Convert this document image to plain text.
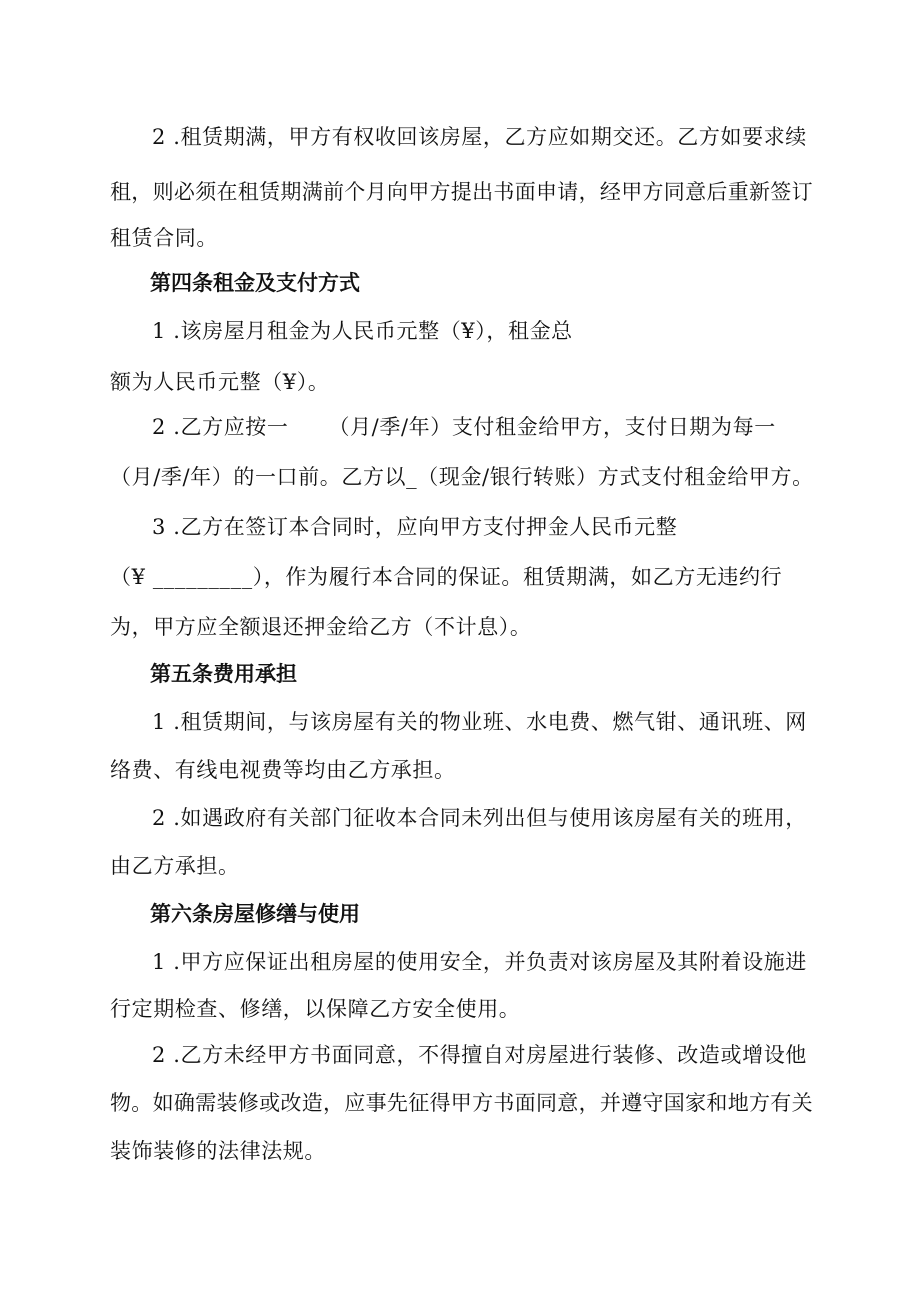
2 .租赁期满，甲方有权收回该房屋，乙方应如期交还。乙方如要求续
租，则必须在租赁期满前个月向甲方提出书面申请，经甲方同意后重新签订
租赁合同。
第四条租金及支付方式
1 .该房屋月租金为人民币元整（¥），租金总
额为人民币元整（¥）。
2 .乙方应按一 　　（月/季/年）支付租金给甲方，支付日期为每一
（月/季/年）的一口前。乙方以_（现金/银行转账）方式支付租金给甲方。
3 .乙方在签订本合同时，应向甲方支付押金人民币元整
（¥ _________），作为履行本合同的保证。租赁期满，如乙方无违约行
为，甲方应全额退还押金给乙方（不计息）。
第五条费用承担
1 .租赁期间，与该房屋有关的物业班、水电费、燃气钳、通讯班、网
络费、有线电视费等均由乙方承担。
2 .如遇政府有关部门征收本合同未列出但与使用该房屋有关的班用，
由乙方承担。
第六条房屋修缮与使用
1 .甲方应保证出租房屋的使用安全，并负责对该房屋及其附着设施进
行定期检查、修缮，以保障乙方安全使用。
2 .乙方未经甲方书面同意，不得擅自对房屋进行装修、改造或增设他
物。如确需装修或改造，应事先征得甲方书面同意，并遵守国家和地方有关
装饰装修的法律法规。
